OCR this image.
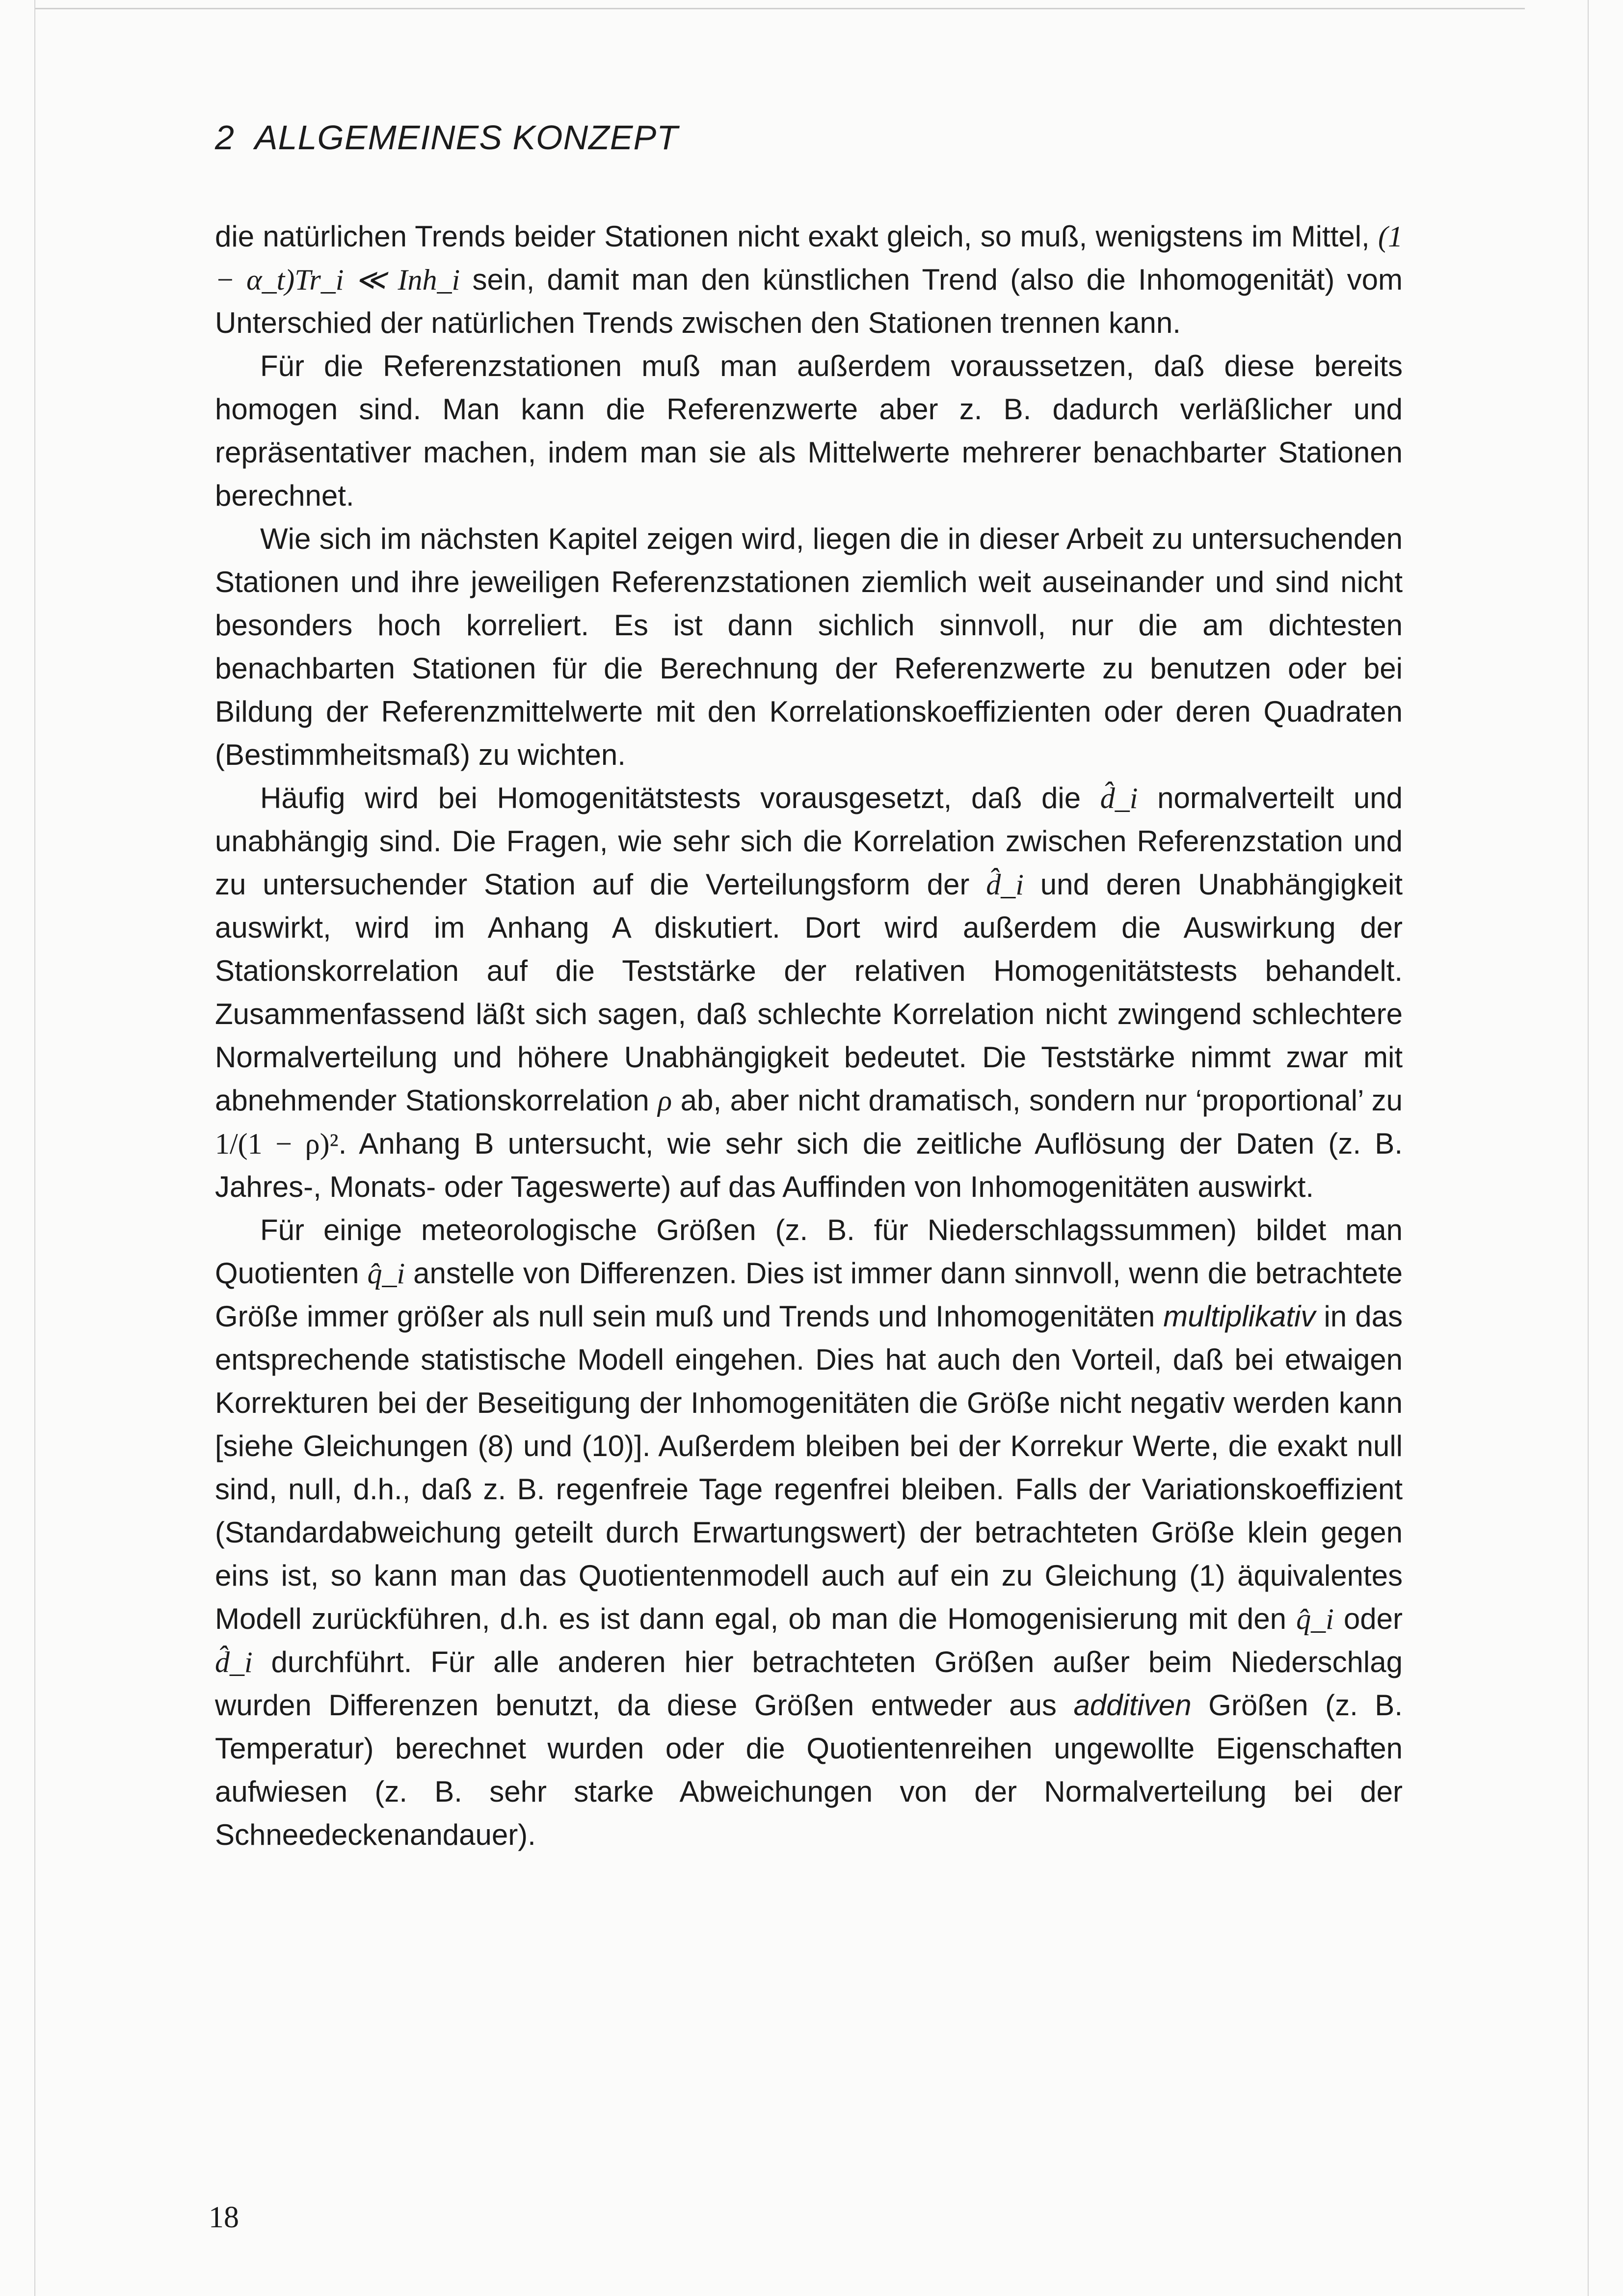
2 ALLGEMEINES KONZEPT

die natürlichen Trends beider Stationen nicht exakt gleich, so muß, wenigstens im Mittel, (1 − α_t)Tr_i ≪ Inh_i sein, damit man den künstlichen Trend (also die Inhomogenität) vom Unterschied der natürlichen Trends zwischen den Stationen trennen kann.

Für die Referenzstationen muß man außerdem voraussetzen, daß diese bereits homogen sind. Man kann die Referenzwerte aber z. B. dadurch verläßlicher und repräsentativer machen, indem man sie als Mittelwerte mehrerer benachbarter Stationen berechnet.

Wie sich im nächsten Kapitel zeigen wird, liegen die in dieser Arbeit zu untersuchenden Stationen und ihre jeweiligen Referenzstationen ziemlich weit auseinander und sind nicht besonders hoch korreliert. Es ist dann sichlich sinnvoll, nur die am dichtesten benachbarten Stationen für die Berechnung der Referenzwerte zu benutzen oder bei Bildung der Referenzmittelwerte mit den Korrelationskoeffizienten oder deren Quadraten (Bestimmheitsmaß) zu wichten.

Häufig wird bei Homogenitätstests vorausgesetzt, daß die d̂_i normalverteilt und unabhängig sind. Die Fragen, wie sehr sich die Korrelation zwischen Referenzstation und zu untersuchender Station auf die Verteilungsform der d̂_i und deren Unabhängigkeit auswirkt, wird im Anhang A diskutiert. Dort wird außerdem die Auswirkung der Stationskorrelation auf die Teststärke der relativen Homogenitätstests behandelt. Zusammenfassend läßt sich sagen, daß schlechte Korrelation nicht zwingend schlechtere Normalverteilung und höhere Unabhängigkeit bedeutet. Die Teststärke nimmt zwar mit abnehmender Stationskorrelation ρ ab, aber nicht dramatisch, sondern nur ‘proportional’ zu 1/(1 − ρ)². Anhang B untersucht, wie sehr sich die zeitliche Auflösung der Daten (z. B. Jahres-, Monats- oder Tageswerte) auf das Auffinden von Inhomogenitäten auswirkt.

Für einige meteorologische Größen (z. B. für Niederschlagssummen) bildet man Quotienten q̂_i anstelle von Differenzen. Dies ist immer dann sinnvoll, wenn die betrachtete Größe immer größer als null sein muß und Trends und Inhomogenitäten multiplikativ in das entsprechende statistische Modell eingehen. Dies hat auch den Vorteil, daß bei etwaigen Korrekturen bei der Beseitigung der Inhomogenitäten die Größe nicht negativ werden kann [siehe Gleichungen (8) und (10)]. Außerdem bleiben bei der Korrekur Werte, die exakt null sind, null, d.h., daß z. B. regenfreie Tage regenfrei bleiben. Falls der Variationskoeffizient (Standardabweichung geteilt durch Erwartungswert) der betrachteten Größe klein gegen eins ist, so kann man das Quotientenmodell auch auf ein zu Gleichung (1) äquivalentes Modell zurückführen, d.h. es ist dann egal, ob man die Homogenisierung mit den q̂_i oder d̂_i durchführt. Für alle anderen hier betrachteten Größen außer beim Niederschlag wurden Differenzen benutzt, da diese Größen entweder aus additiven Größen (z. B. Temperatur) berechnet wurden oder die Quotientenreihen ungewollte Eigenschaften aufwiesen (z. B. sehr starke Abweichungen von der Normalverteilung bei der Schneedeckenandauer).

18
